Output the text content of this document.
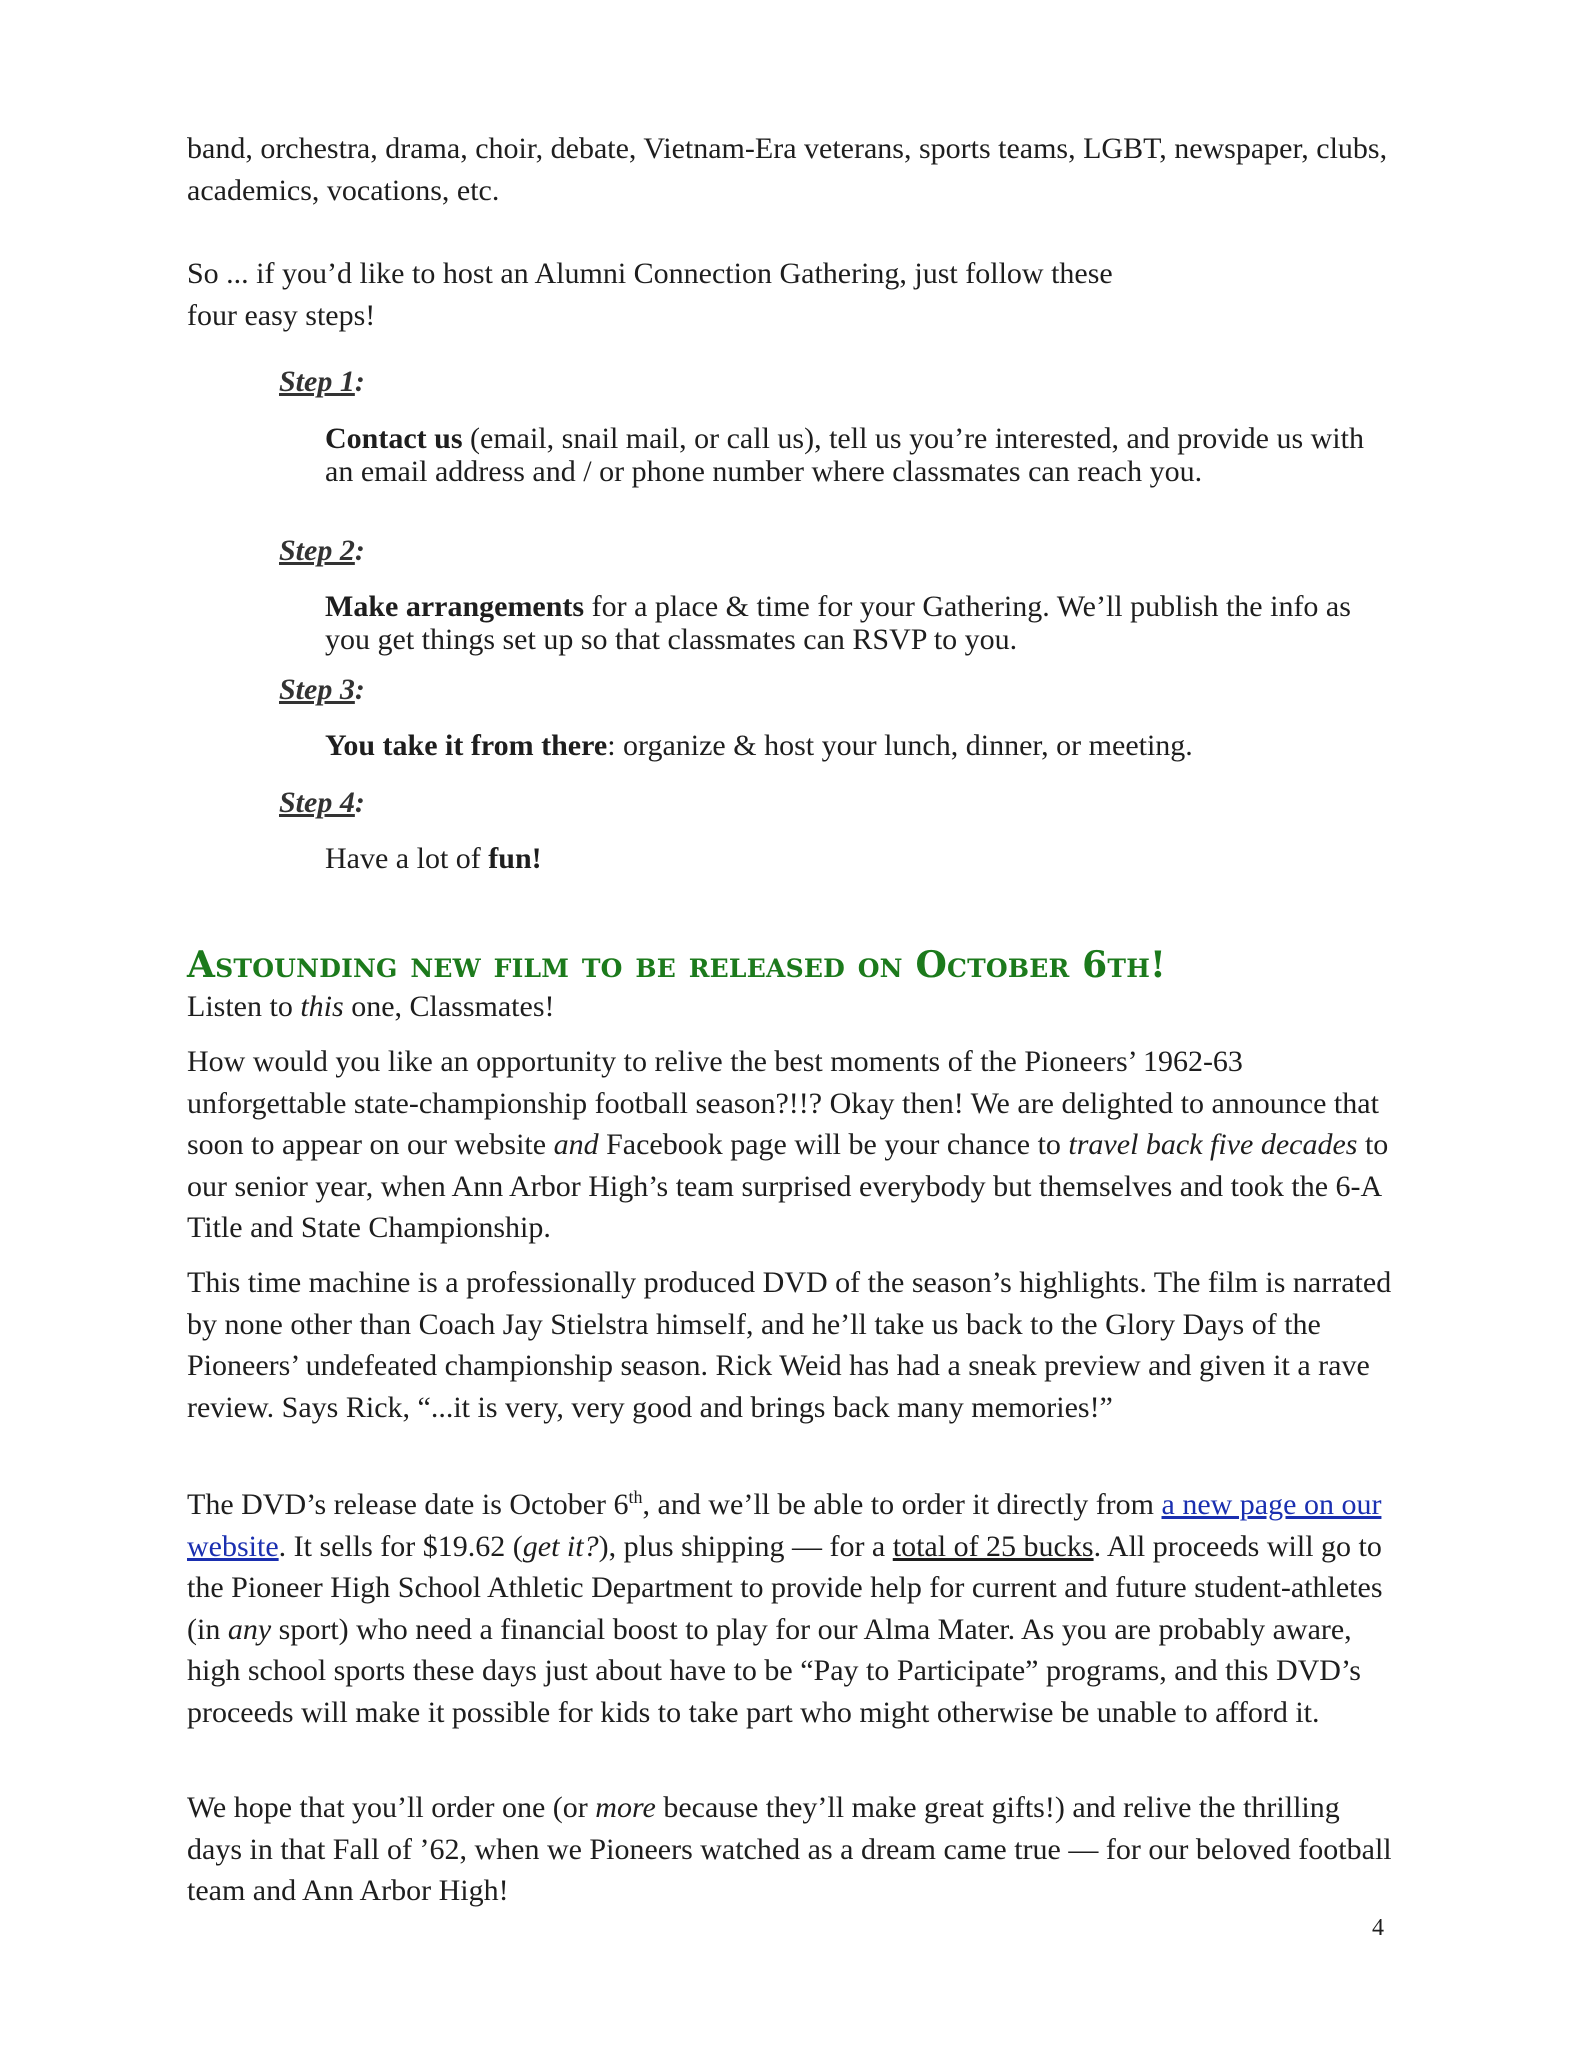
band, orchestra, drama, choir, debate, Vietnam-Era veterans, sports teams, LGBT, newspaper, clubs, academics, vocations, etc.

So ... if you’d like to host an Alumni Connection Gathering, just follow these
four easy steps!

Step 1:

Contact us (email, snail mail, or call us), tell us you’re interested, and provide us with an email address and / or phone number where classmates can reach you.

Step 2:

Make arrangements for a place & time for your Gathering. We’ll publish the info as you get things set up so that classmates can RSVP to you.

Step 3:

You take it from there: organize & host your lunch, dinner, or meeting.

Step 4:

Have a lot of fun!

Astounding new film to be released on October 6th!

Listen to this one, Classmates!

How would you like an opportunity to relive the best moments of the Pioneers’ 1962-63 unforgettable state-championship football season?!!? Okay then! We are delighted to announce that soon to appear on our website and Facebook page will be your chance to travel back five decades to our senior year, when Ann Arbor High’s team surprised everybody but themselves and took the 6-A Title and State Championship.

This time machine is a professionally produced DVD of the season’s highlights. The film is narrated by none other than Coach Jay Stielstra himself, and he’ll take us back to the Glory Days of the Pioneers’ undefeated championship season. Rick Weid has had a sneak preview and given it a rave review. Says Rick, “...it is very, very good and brings back many memories!”

The DVD’s release date is October 6th, and we’ll be able to order it directly from a new page on our website. It sells for $19.62 (get it?), plus shipping — for a total of 25 bucks. All proceeds will go to the Pioneer High School Athletic Department to provide help for current and future student-athletes (in any sport) who need a financial boost to play for our Alma Mater. As you are probably aware, high school sports these days just about have to be “Pay to Participate” programs, and this DVD’s proceeds will make it possible for kids to take part who might otherwise be unable to afford it.

We hope that you’ll order one (or more because they’ll make great gifts!) and relive the thrilling days in that Fall of ’62, when we Pioneers watched as a dream came true — for our beloved football team and Ann Arbor High!

4
